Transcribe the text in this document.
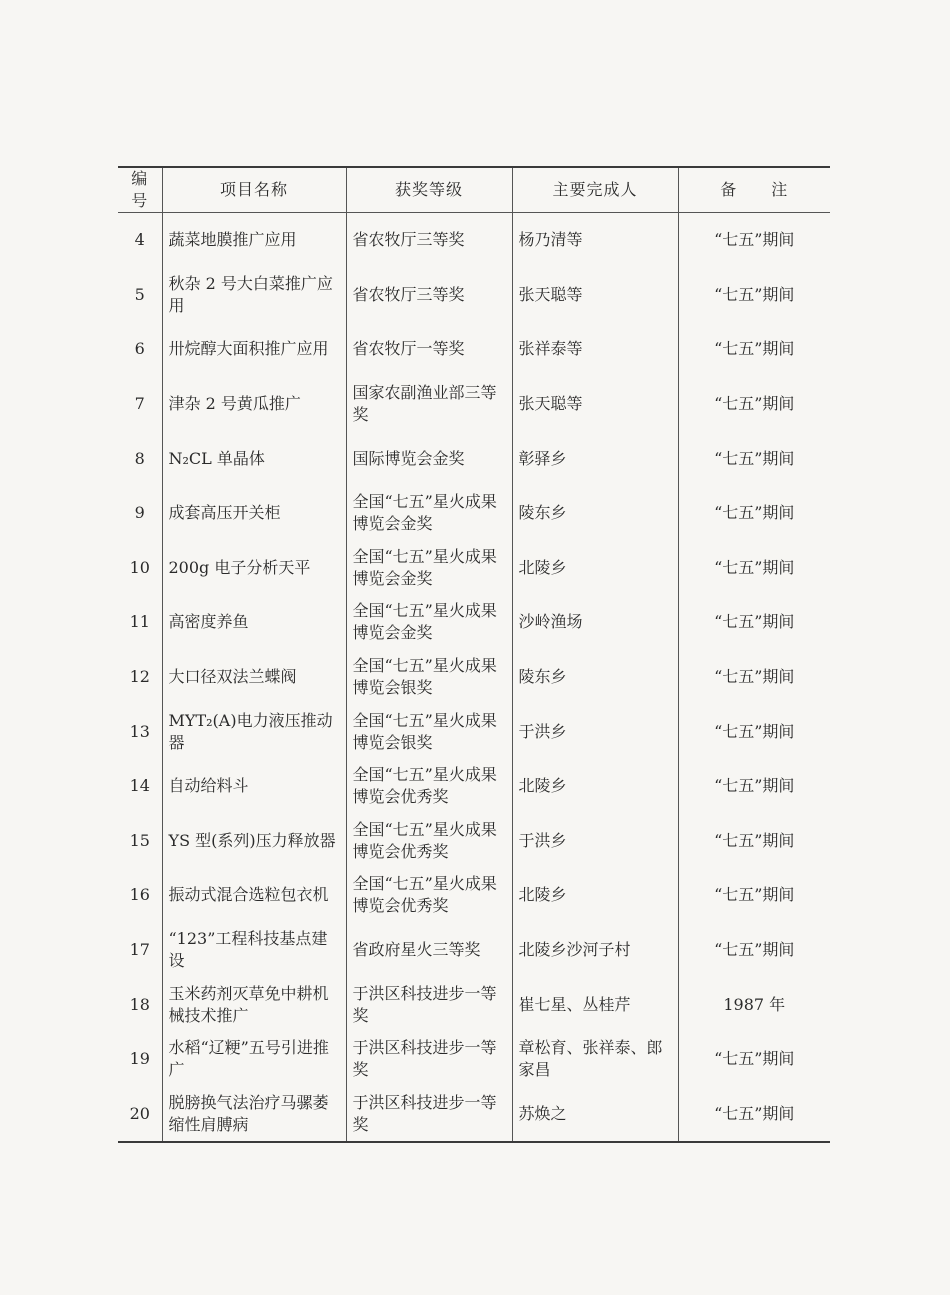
编号	项目名称	获奖等级	主要完成人	备　　注
4	蔬菜地膜推广应用	省农牧厅三等奖	杨乃清等	“七五”期间
5	秋杂 2 号大白菜推广应用	省农牧厅三等奖	张天聪等	“七五”期间
6	卅烷醇大面积推广应用	省农牧厅一等奖	张祥泰等	“七五”期间
7	津杂 2 号黄瓜推广	国家农副渔业部三等奖	张天聪等	“七五”期间
8	N₂CL 单晶体	国际博览会金奖	彰驿乡	“七五”期间
9	成套高压开关柜	全国“七五”星火成果博览会金奖	陵东乡	“七五”期间
10	200g 电子分析天平	全国“七五”星火成果博览会金奖	北陵乡	“七五”期间
11	高密度养鱼	全国“七五”星火成果博览会金奖	沙岭渔场	“七五”期间
12	大口径双法兰蝶阀	全国“七五”星火成果博览会银奖	陵东乡	“七五”期间
13	MYT₂(A)电力液压推动器	全国“七五”星火成果博览会银奖	于洪乡	“七五”期间
14	自动给料斗	全国“七五”星火成果博览会优秀奖	北陵乡	“七五”期间
15	YS 型(系列)压力释放器	全国“七五”星火成果博览会优秀奖	于洪乡	“七五”期间
16	振动式混合选粒包衣机	全国“七五”星火成果博览会优秀奖	北陵乡	“七五”期间
17	“123”工程科技基点建设	省政府星火三等奖	北陵乡沙河子村	“七五”期间
18	玉米药剂灭草免中耕机械技术推广	于洪区科技进步一等奖	崔七星、丛桂芹	1987 年
19	水稻“辽粳”五号引进推广	于洪区科技进步一等奖	章松育、张祥泰、郎家昌	“七五”期间
20	脱膀换气法治疗马骡萎缩性肩膊病	于洪区科技进步一等奖	苏焕之	“七五”期间
